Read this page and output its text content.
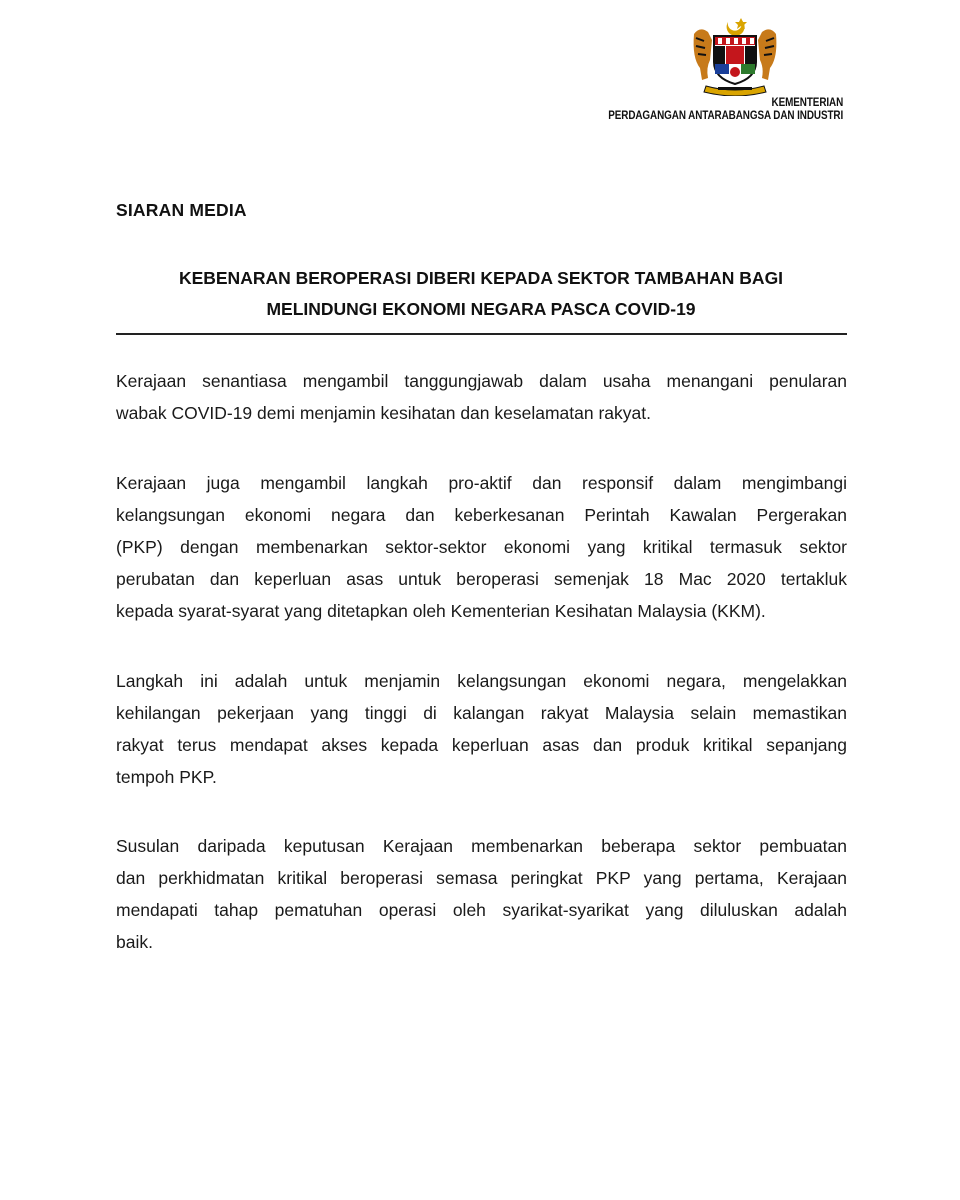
KEMENTERIAN
PERDAGANGAN ANTARABANGSA DAN INDUSTRI
SIARAN MEDIA
KEBENARAN BEROPERASI DIBERI KEPADA SEKTOR TAMBAHAN BAGI
MELINDUNGI EKONOMI NEGARA PASCA COVID-19
Kerajaan senantiasa mengambil tanggungjawab dalam usaha menangani penularan
wabak COVID-19 demi menjamin kesihatan dan keselamatan rakyat.
Kerajaan juga mengambil langkah pro-aktif dan responsif dalam mengimbangi
kelangsungan ekonomi negara dan keberkesanan Perintah Kawalan Pergerakan
(PKP) dengan membenarkan sektor-sektor ekonomi yang kritikal termasuk sektor
perubatan dan keperluan asas untuk beroperasi semenjak 18 Mac 2020 tertakluk
kepada syarat-syarat yang ditetapkan oleh Kementerian Kesihatan Malaysia (KKM).
Langkah ini adalah untuk menjamin kelangsungan ekonomi negara, mengelakkan
kehilangan pekerjaan yang tinggi di kalangan rakyat Malaysia selain memastikan
rakyat terus mendapat akses kepada keperluan asas dan produk kritikal sepanjang
tempoh PKP.
Susulan daripada keputusan Kerajaan membenarkan beberapa sektor pembuatan
dan perkhidmatan kritikal beroperasi semasa peringkat PKP yang pertama, Kerajaan
mendapati tahap pematuhan operasi oleh syarikat-syarikat yang diluluskan adalah
baik.
